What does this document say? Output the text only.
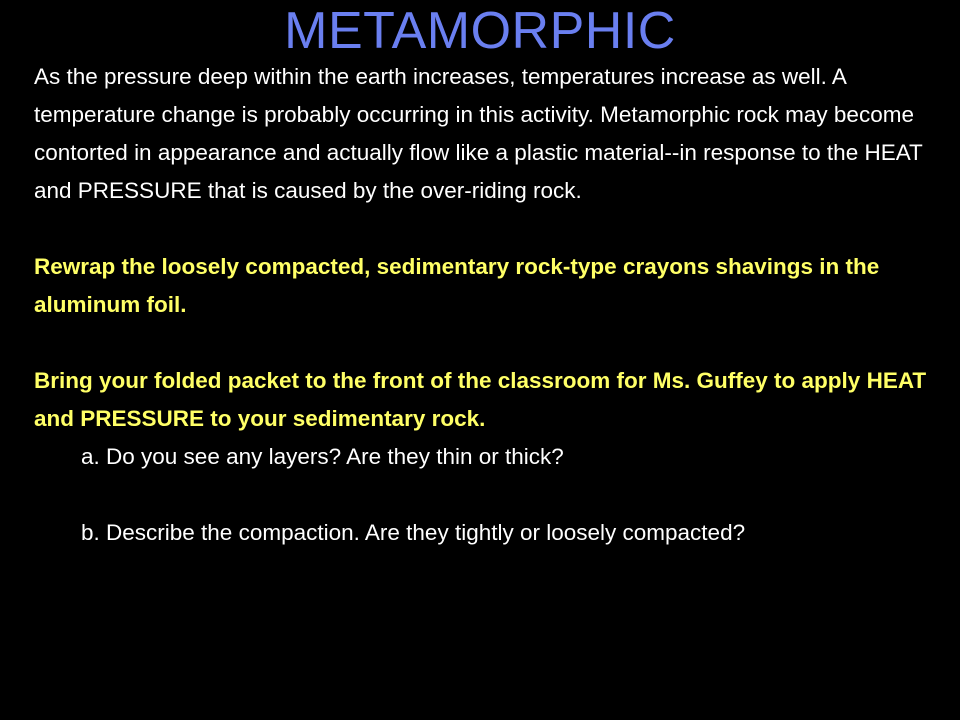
METAMORPHIC

As the pressure deep within the earth increases, temperatures increase as well. A temperature change is probably occurring in this activity. Metamorphic rock may become contorted in appearance and actually flow like a plastic material--in response to the HEAT and PRESSURE that is caused by the over-riding rock.

Rewrap the loosely compacted, sedimentary rock-type crayons shavings in the aluminum foil.

Bring your folded packet to the front of the classroom for Ms. Guffey to apply HEAT and PRESSURE to your sedimentary rock.

a. Do you see any layers? Are they thin or thick?

b. Describe the compaction. Are they tightly or loosely compacted?
